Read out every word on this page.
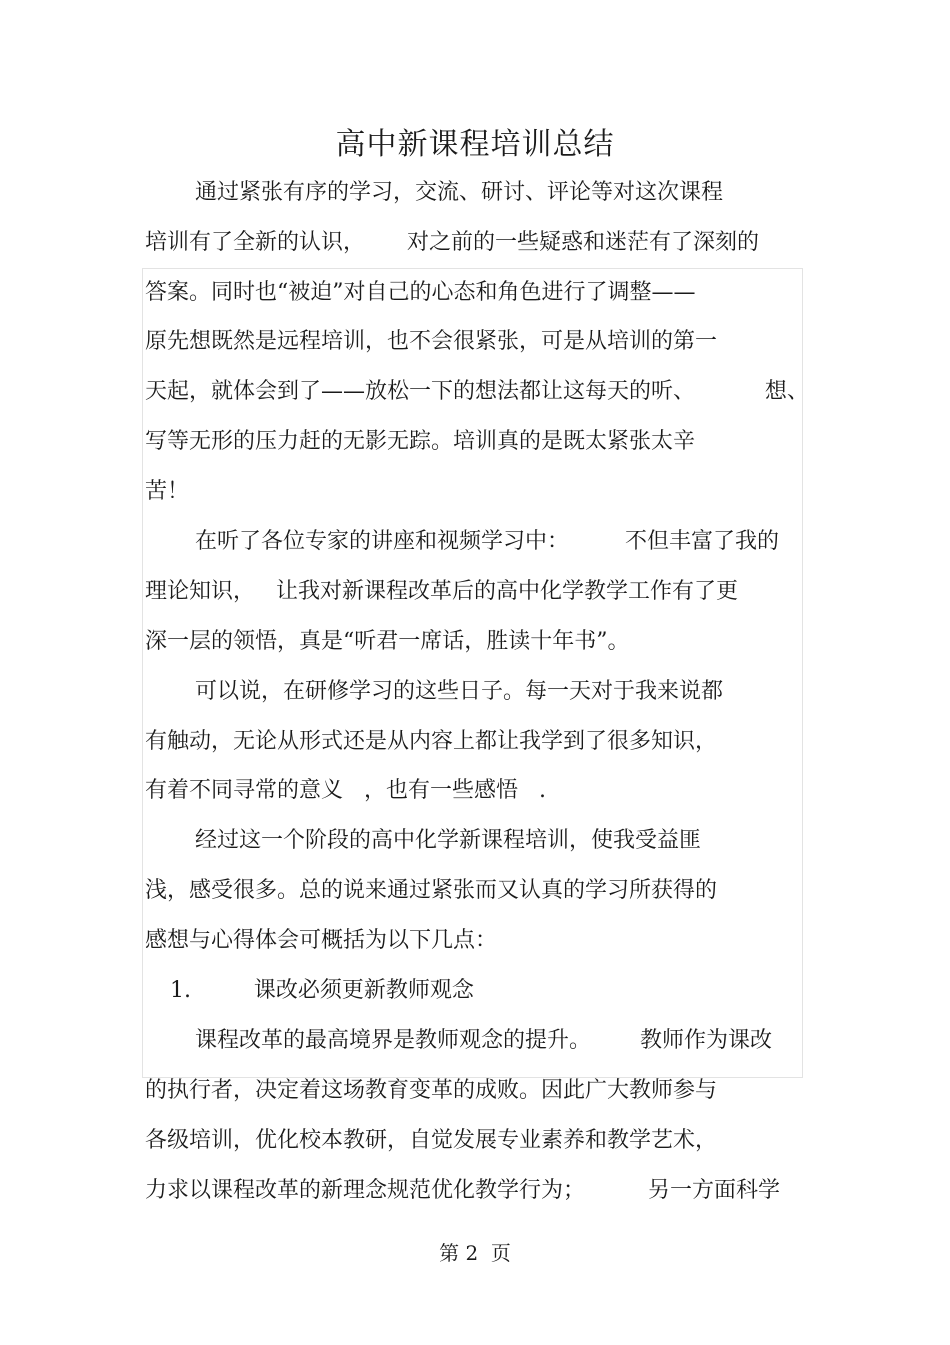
高中新课程培训总结

通过紧张有序的学习，交流、研讨、评论等对这次课程

培训有了全新的认识，      对之前的一些疑惑和迷茫有了深刻的

答案。同时也“被迫”对自己的心态和角色进行了调整——

原先想既然是远程培训，也不会很紧张，可是从培训的第一

天起，就体会到了——放松一下的想法都让这每天的听、          想、

写等无形的压力赶的无影无踪。培训真的是既太紧张太辛

苦！

在听了各位专家的讲座和视频学习中：        不但丰富了我的

理论知识，   让我对新课程改革后的高中化学教学工作有了更

深一层的领悟，真是“听君一席话，胜读十年书”。

可以说，在研修学习的这些日子。每一天对于我来说都

有触动，无论从形式还是从内容上都让我学到了很多知识，

有着不同寻常的意义   ，也有一些感悟   .

经过这一个阶段的高中化学新课程培训，使我受益匪

浅，感受很多。总的说来通过紧张而又认真的学习所获得的

感想与心得体会可概括为以下几点：

1.         课改必须更新教师观念

课程改革的最高境界是教师观念的提升。       教师作为课改

的执行者，决定着这场教育变革的成败。因此广大教师参与

各级培训，优化校本教研，自觉发展专业素养和教学艺术，

力求以课程改革的新理念规范优化教学行为；         另一方面科学

第 2  页
